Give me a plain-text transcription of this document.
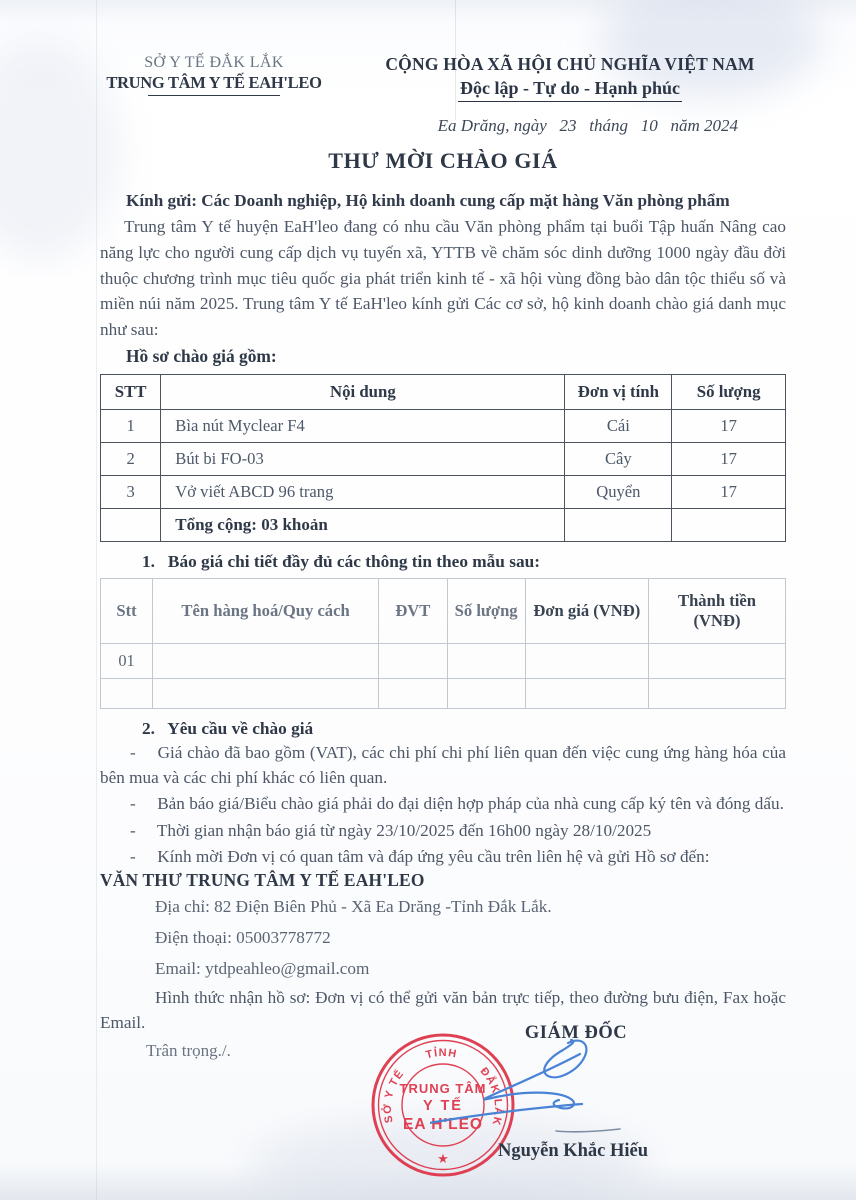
SỞ Y TẾ ĐẮK LẮK
TRUNG TÂM Y TẾ EAH'LEO
CỘNG HÒA XÃ HỘI CHỦ NGHĨA VIỆT NAM
Độc lập - Tự do - Hạnh phúc
Ea Drăng, ngày  23  tháng  10  năm 2024
THƯ MỜI CHÀO GIÁ
Kính gửi: Các Doanh nghiệp, Hộ kinh doanh cung cấp mặt hàng Văn phòng phẩm

Trung tâm Y tế huyện EaH'leo đang có nhu cầu Văn phòng phẩm tại buổi Tập huấn Nâng cao năng lực cho người cung cấp dịch vụ tuyến xã, YTTB về chăm sóc dinh dưỡng 1000 ngày đầu đời thuộc chương trình mục tiêu quốc gia phát triển kinh tế - xã hội vùng đồng bào dân tộc thiểu số và miền núi năm 2025. Trung tâm Y tế EaH'leo kính gửi Các cơ sở, hộ kinh doanh chào giá danh mục như sau:

Hồ sơ chào giá gồm:
STT	Nội dung	Đơn vị tính	Số lượng
1	Bìa nút Myclear F4	Cái	17
2	Bút bi FO-03	Cây	17
3	Vở viết ABCD 96 trang	Quyển	17
	Tổng cộng: 03 khoản		
1.  Báo giá chi tiết đầy đủ các thông tin theo mẫu sau:
Stt	Tên hàng hoá/Quy cách	ĐVT	Số lượng	Đơn giá (VNĐ)	Thành tiền (VNĐ)
01					

2.  Yêu cầu về chào giá

-   Giá chào đã bao gồm (VAT), các chi phí chi phí liên quan đến việc cung ứng hàng hóa của bên mua và các chi phí khác có liên quan.

-   Bản báo giá/Biểu chào giá phải do đại diện hợp pháp của nhà cung cấp ký tên và đóng dấu.

-   Thời gian nhận báo giá từ ngày 23/10/2025 đến 16h00 ngày 28/10/2025

-   Kính mời Đơn vị có quan tâm và đáp ứng yêu cầu trên liên hệ và gửi Hồ sơ đến:

VĂN THƯ TRUNG TÂM Y TẾ EAH'LEO
Địa chỉ: 82 Điện Biên Phủ - Xã Ea Drăng -Tỉnh Đắk Lắk.
Điện thoại: 05003778772
Email: ytdpeahleo@gmail.com

Hình thức nhận hồ sơ: Đơn vị có thể gửi văn bản trực tiếp, theo đường bưu điện, Fax hoặc Email.

Trân trọng./.
GIÁM ĐỐC
SỞ Y TẾ    TỈNH    ĐẮK LẮK
TRUNG TÂM
Y TẾ
EA H'LEO
★	Nguyễn Khắc Hiếu
